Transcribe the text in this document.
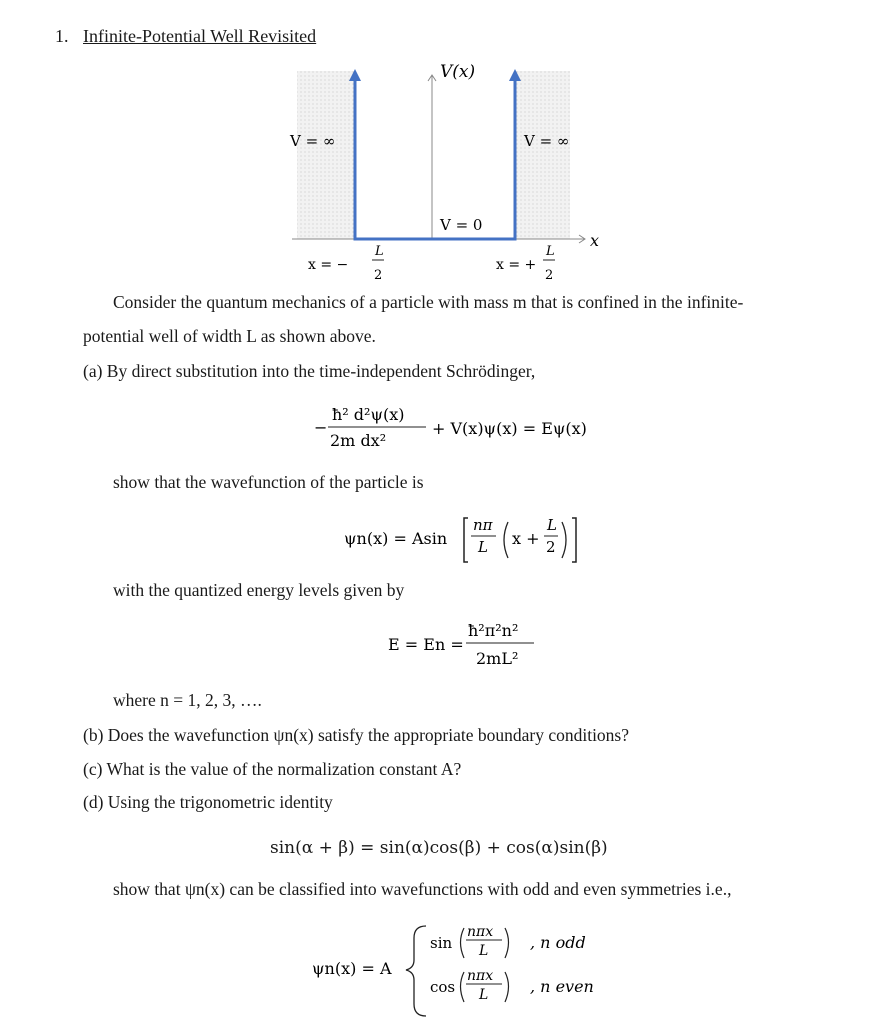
1. Infinite-Potential Well Revisited
V(x)
V = ∞	V = ∞
V = 0
x
x = −
L
2
x = +
L
2
Consider the quantum mechanics of a particle with mass m that is confined in the infinite-
potential well of width L as shown above.
(a) By direct substitution into the time-independent Schrödinger,
−
ħ² d²ψ(x)
2m dx²
+ V(x)ψ(x) = Eψ(x)
show that the wavefunction of the particle is
ψn(x) = Asin
nπ
L x +
L
2
with the quantized energy levels given by
E = En =
ħ²π²n²
2mL²
where n = 1, 2, 3, ….
(b) Does the wavefunction ψn(x) satisfy the appropriate boundary conditions?
(c) What is the value of the normalization constant A?
(d) Using the trigonometric identity
sin(α + β) = sin(α)cos(β) + cos(α)sin(β)
show that ψn(x) can be classified into wavefunctions with odd and even symmetries i.e.,
ψn(x) = A
sin
nπx
L	, n odd
cos
nπx
L	, n even
